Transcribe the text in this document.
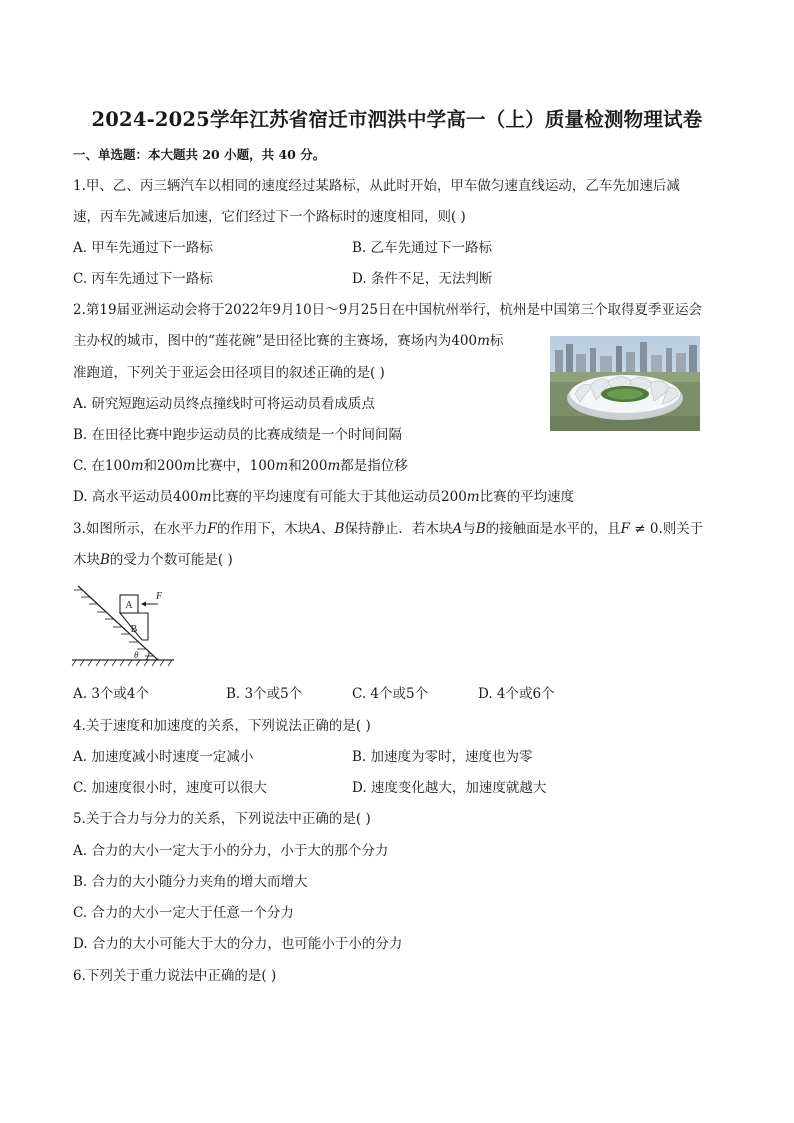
2024-2025学年江苏省宿迁市泗洪中学高一（上）质量检测物理试卷
一、单选题：本大题共 20 小题，共 40 分。
1.甲、乙、丙三辆汽车以相同的速度经过某路标，从此时开始，甲车做匀速直线运动，乙车先加速后减
速，丙车先减速后加速，它们经过下一个路标时的速度相同，则( )
A. 甲车先通过下一路标	B. 乙车先通过下一路标
C. 丙车先通过下一路标	D. 条件不足，无法判断
2.第19届亚洲运动会将于2022年9月10日～9月25日在中国杭州举行，杭州是中国第三个取得夏季亚运会
主办权的城市，图中的“莲花碗”是田径比赛的主赛场，赛场内为400m标
准跑道，下列关于亚运会田径项目的叙述正确的是( )
A. 研究短跑运动员终点撞线时可将运动员看成质点
B. 在田径比赛中跑步运动员的比赛成绩是一个时间间隔
C. 在100m和200m比赛中，100m和200m都是指位移
D. 高水平运动员400m比赛的平均速度有可能大于其他运动员200m比赛的平均速度
3.如图所示，在水平力F的作用下，木块A、B保持静止．若木块A与B的接触面是水平的，且F ≠ 0.则关于
木块B的受力个数可能是( )
B
A
F
θ
A. 3个或4个	B. 3个或5个	C. 4个或5个	D. 4个或6个
4.关于速度和加速度的关系，下列说法正确的是( )
A. 加速度减小时速度一定减小	B. 加速度为零时，速度也为零
C. 加速度很小时，速度可以很大	D. 速度变化越大，加速度就越大
5.关于合力与分力的关系，下列说法中正确的是( )
A. 合力的大小一定大于小的分力，小于大的那个分力
B. 合力的大小随分力夹角的增大而增大
C. 合力的大小一定大于任意一个分力
D. 合力的大小可能大于大的分力，也可能小于小的分力
6.下列关于重力说法中正确的是( )
